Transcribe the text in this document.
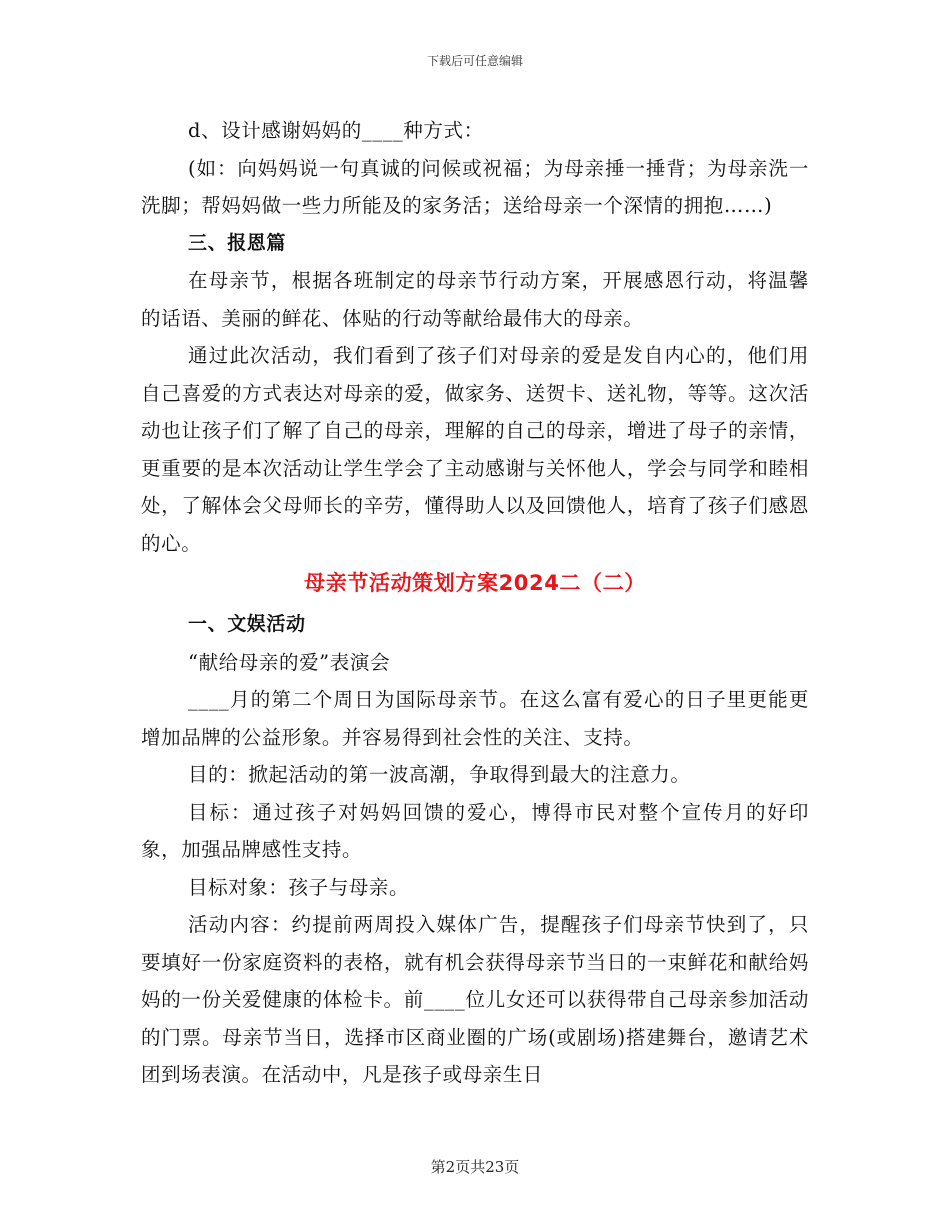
下载后可任意编辑

d、设计感谢妈妈的____种方式：

(如：向妈妈说一句真诚的问候或祝福；为母亲捶一捶背；为母亲洗一洗脚；帮妈妈做一些力所能及的家务活；送给母亲一个深情的拥抱……)

三、报恩篇

在母亲节，根据各班制定的母亲节行动方案，开展感恩行动，将温馨的话语、美丽的鲜花、体贴的行动等献给最伟大的母亲。

通过此次活动，我们看到了孩子们对母亲的爱是发自内心的，他们用自己喜爱的方式表达对母亲的爱，做家务、送贺卡、送礼物，等等。这次活动也让孩子们了解了自己的母亲，理解的自己的母亲，增进了母子的亲情，更重要的是本次活动让学生学会了主动感谢与关怀他人，学会与同学和睦相处，了解体会父母师长的辛劳，懂得助人以及回馈他人，培育了孩子们感恩的心。

母亲节活动策划方案2024二（二）

一、文娱活动

“献给母亲的爱”表演会

____月的第二个周日为国际母亲节。在这么富有爱心的日子里更能更增加品牌的公益形象。并容易得到社会性的关注、支持。

目的：掀起活动的第一波高潮，争取得到最大的注意力。

目标：通过孩子对妈妈回馈的爱心，博得市民对整个宣传月的好印象，加强品牌感性支持。

目标对象：孩子与母亲。

活动内容：约提前两周投入媒体广告，提醒孩子们母亲节快到了，只要填好一份家庭资料的表格，就有机会获得母亲节当日的一束鲜花和献给妈妈的一份关爱健康的体检卡。前____位儿女还可以获得带自己母亲参加活动的门票。母亲节当日，选择市区商业圈的广场(或剧场)搭建舞台，邀请艺术团到场表演。在活动中，凡是孩子或母亲生日

第2页共23页
